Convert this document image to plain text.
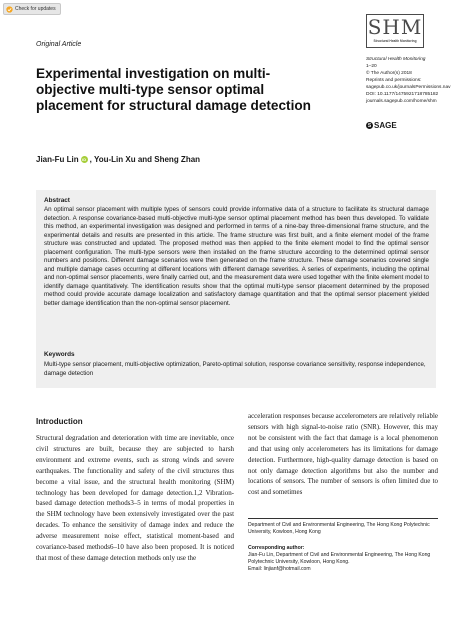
Check for updates
Original Article
SHM
Structural Health Monitoring
Structural Health Monitoring
1–20
© The Author(s) 2018
Reprints and permissions:
sagepub.co.uk/journalsPermissions.nav
DOI: 10.1177/1475921718785182
journals.sagepub.com/home/shm
S SAGE
Experimental investigation on multi-objective multi-type sensor optimal placement for structural damage detection
Jian-Fu Lin iD , You-Lin Xu and Sheng Zhan
Abstract
An optimal sensor placement with multiple types of sensors could provide informative data of a structure to facilitate its structural damage detection. A response covariance-based multi-objective multi-type sensor optimal placement method has been thus developed. To validate this method, an experimental investigation was designed and performed in terms of a nine-bay three-dimensional frame structure, and the experimental details and results are presented in this article. The frame structure was first built, and a finite element model of the frame structure was constructed and updated. The proposed method was then applied to the finite element model to find the optimal sensor placement configuration. The multi-type sensors were then installed on the frame structure according to the determined optimal sensor numbers and positions. Different damage scenarios were then generated on the frame structure. These damage scenarios covered single and multiple damage cases occurring at different locations with different damage severities. A series of experiments, including the optimal and non-optimal sensor placements, were finally carried out, and the measurement data were used together with the finite element model to identify damage quantitatively. The identification results show that the optimal multi-type sensor placement determined by the proposed method could provide accurate damage localization and satisfactory damage quantitation and that the optimal sensor placement yielded better damage identification than the non-optimal sensor placement.
Keywords
Multi-type sensor placement, multi-objective optimization, Pareto-optimal solution, response covariance sensitivity, response independence, damage detection
Introduction
Structural degradation and deterioration with time are inevitable, once civil structures are built, because they are subjected to harsh environment and extreme events, such as strong winds and severe earthquakes. The functionality and safety of the civil structures thus become a vital issue, and the structural health monitoring (SHM) technology has been developed for damage detection.1,2 Vibration-based damage detection methods3–5 in terms of modal properties in the SHM technology have been extensively investigated over the past decades. To enhance the sensitivity of damage index and reduce the adverse measurement noise effect, statistical moment-based and covariance-based methods6–10 have also been proposed. It is noticed that most of these damage detection methods only use the
acceleration responses because accelerometers are relatively reliable sensors with high signal-to-noise ratio (SNR). However, this may not be consistent with the fact that damage is a local phenomenon and that using only accelerometers has its limitations for damage detection. Furthermore, high-quality damage detection is based on not only damage detection algorithms but also the number and locations of sensors. The number of sensors is often limited due to cost and sometimes
Department of Civil and Environmental Engineering, The Hong Kong Polytechnic University, Kowloon, Hong Kong
Corresponding author:
Jian-Fu Lin, Department of Civil and Environmental Engineering, The Hong Kong Polytechnic University, Kowloon, Hong Kong.
Email: linjianf@hotmail.com
